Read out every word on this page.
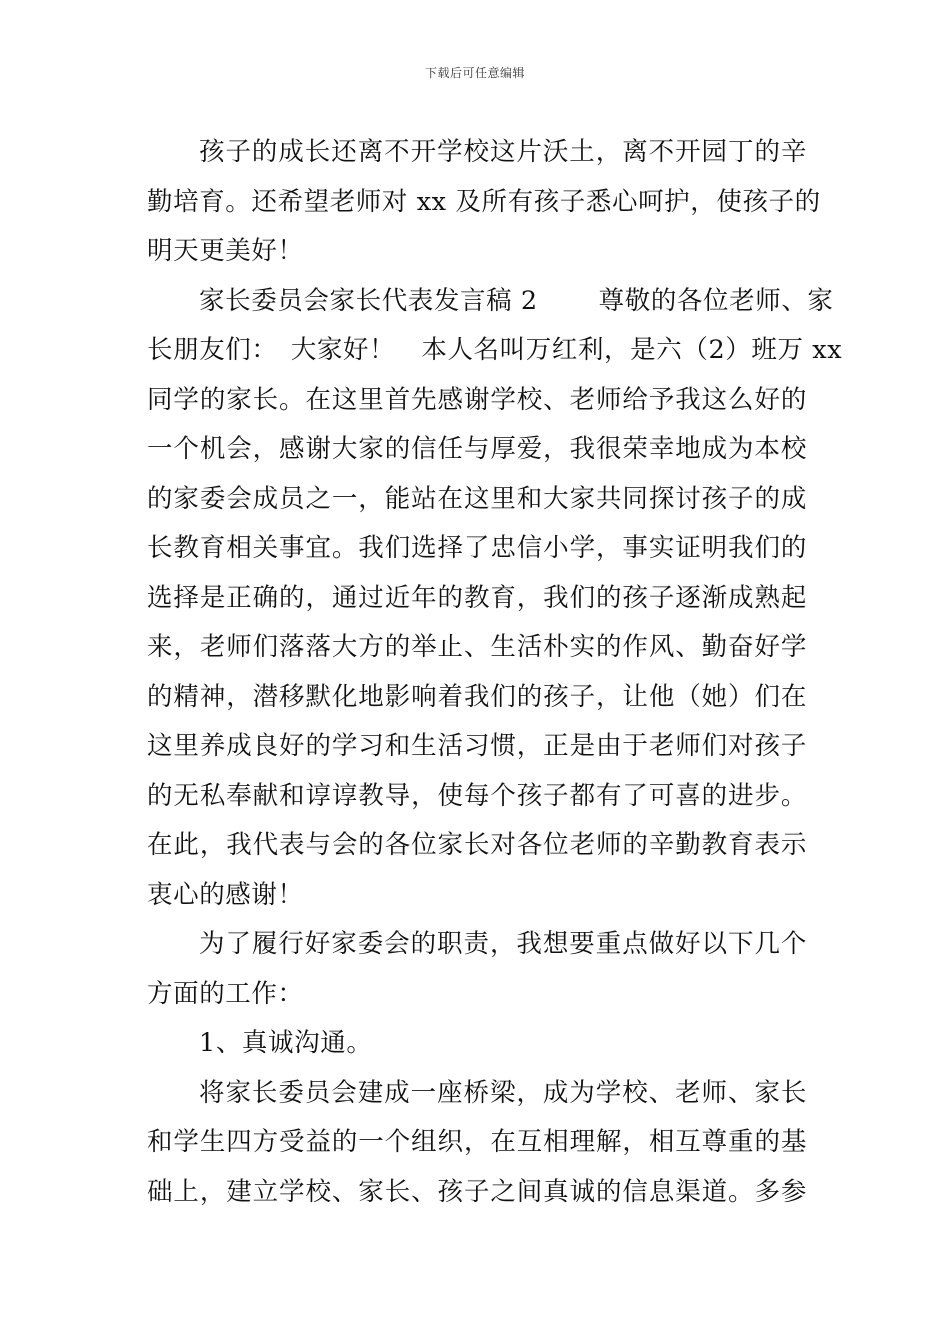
下载后可任意编辑

孩子的成长还离不开学校这片沃土，离不开园丁的辛
勤培育。还希望老师对 xx 及所有孩子悉心呵护，使孩子的
明天更美好！

家长委员会家长代表发言稿 2　　 尊敬的各位老师、家
长朋友们：　大家好！　本人名叫万红利，是六（2）班万 xx
同学的家长。在这里首先感谢学校、老师给予我这么好的
一个机会，感谢大家的信任与厚爱，我很荣幸地成为本校
的家委会成员之一，能站在这里和大家共同探讨孩子的成
长教育相关事宜。我们选择了忠信小学，事实证明我们的
选择是正确的，通过近年的教育，我们的孩子逐渐成熟起
来，老师们落落大方的举止、生活朴实的作风、勤奋好学
的精神，潜移默化地影响着我们的孩子，让他（她）们在
这里养成良好的学习和生活习惯，正是由于老师们对孩子
的无私奉献和谆谆教导，使每个孩子都有了可喜的进步。
在此，我代表与会的各位家长对各位老师的辛勤教育表示
衷心的感谢！

为了履行好家委会的职责，我想要重点做好以下几个
方面的工作：

1、真诚沟通。

将家长委员会建成一座桥梁，成为学校、老师、家长
和学生四方受益的一个组织，在互相理解，相互尊重的基
础上，建立学校、家长、孩子之间真诚的信息渠道。多参
